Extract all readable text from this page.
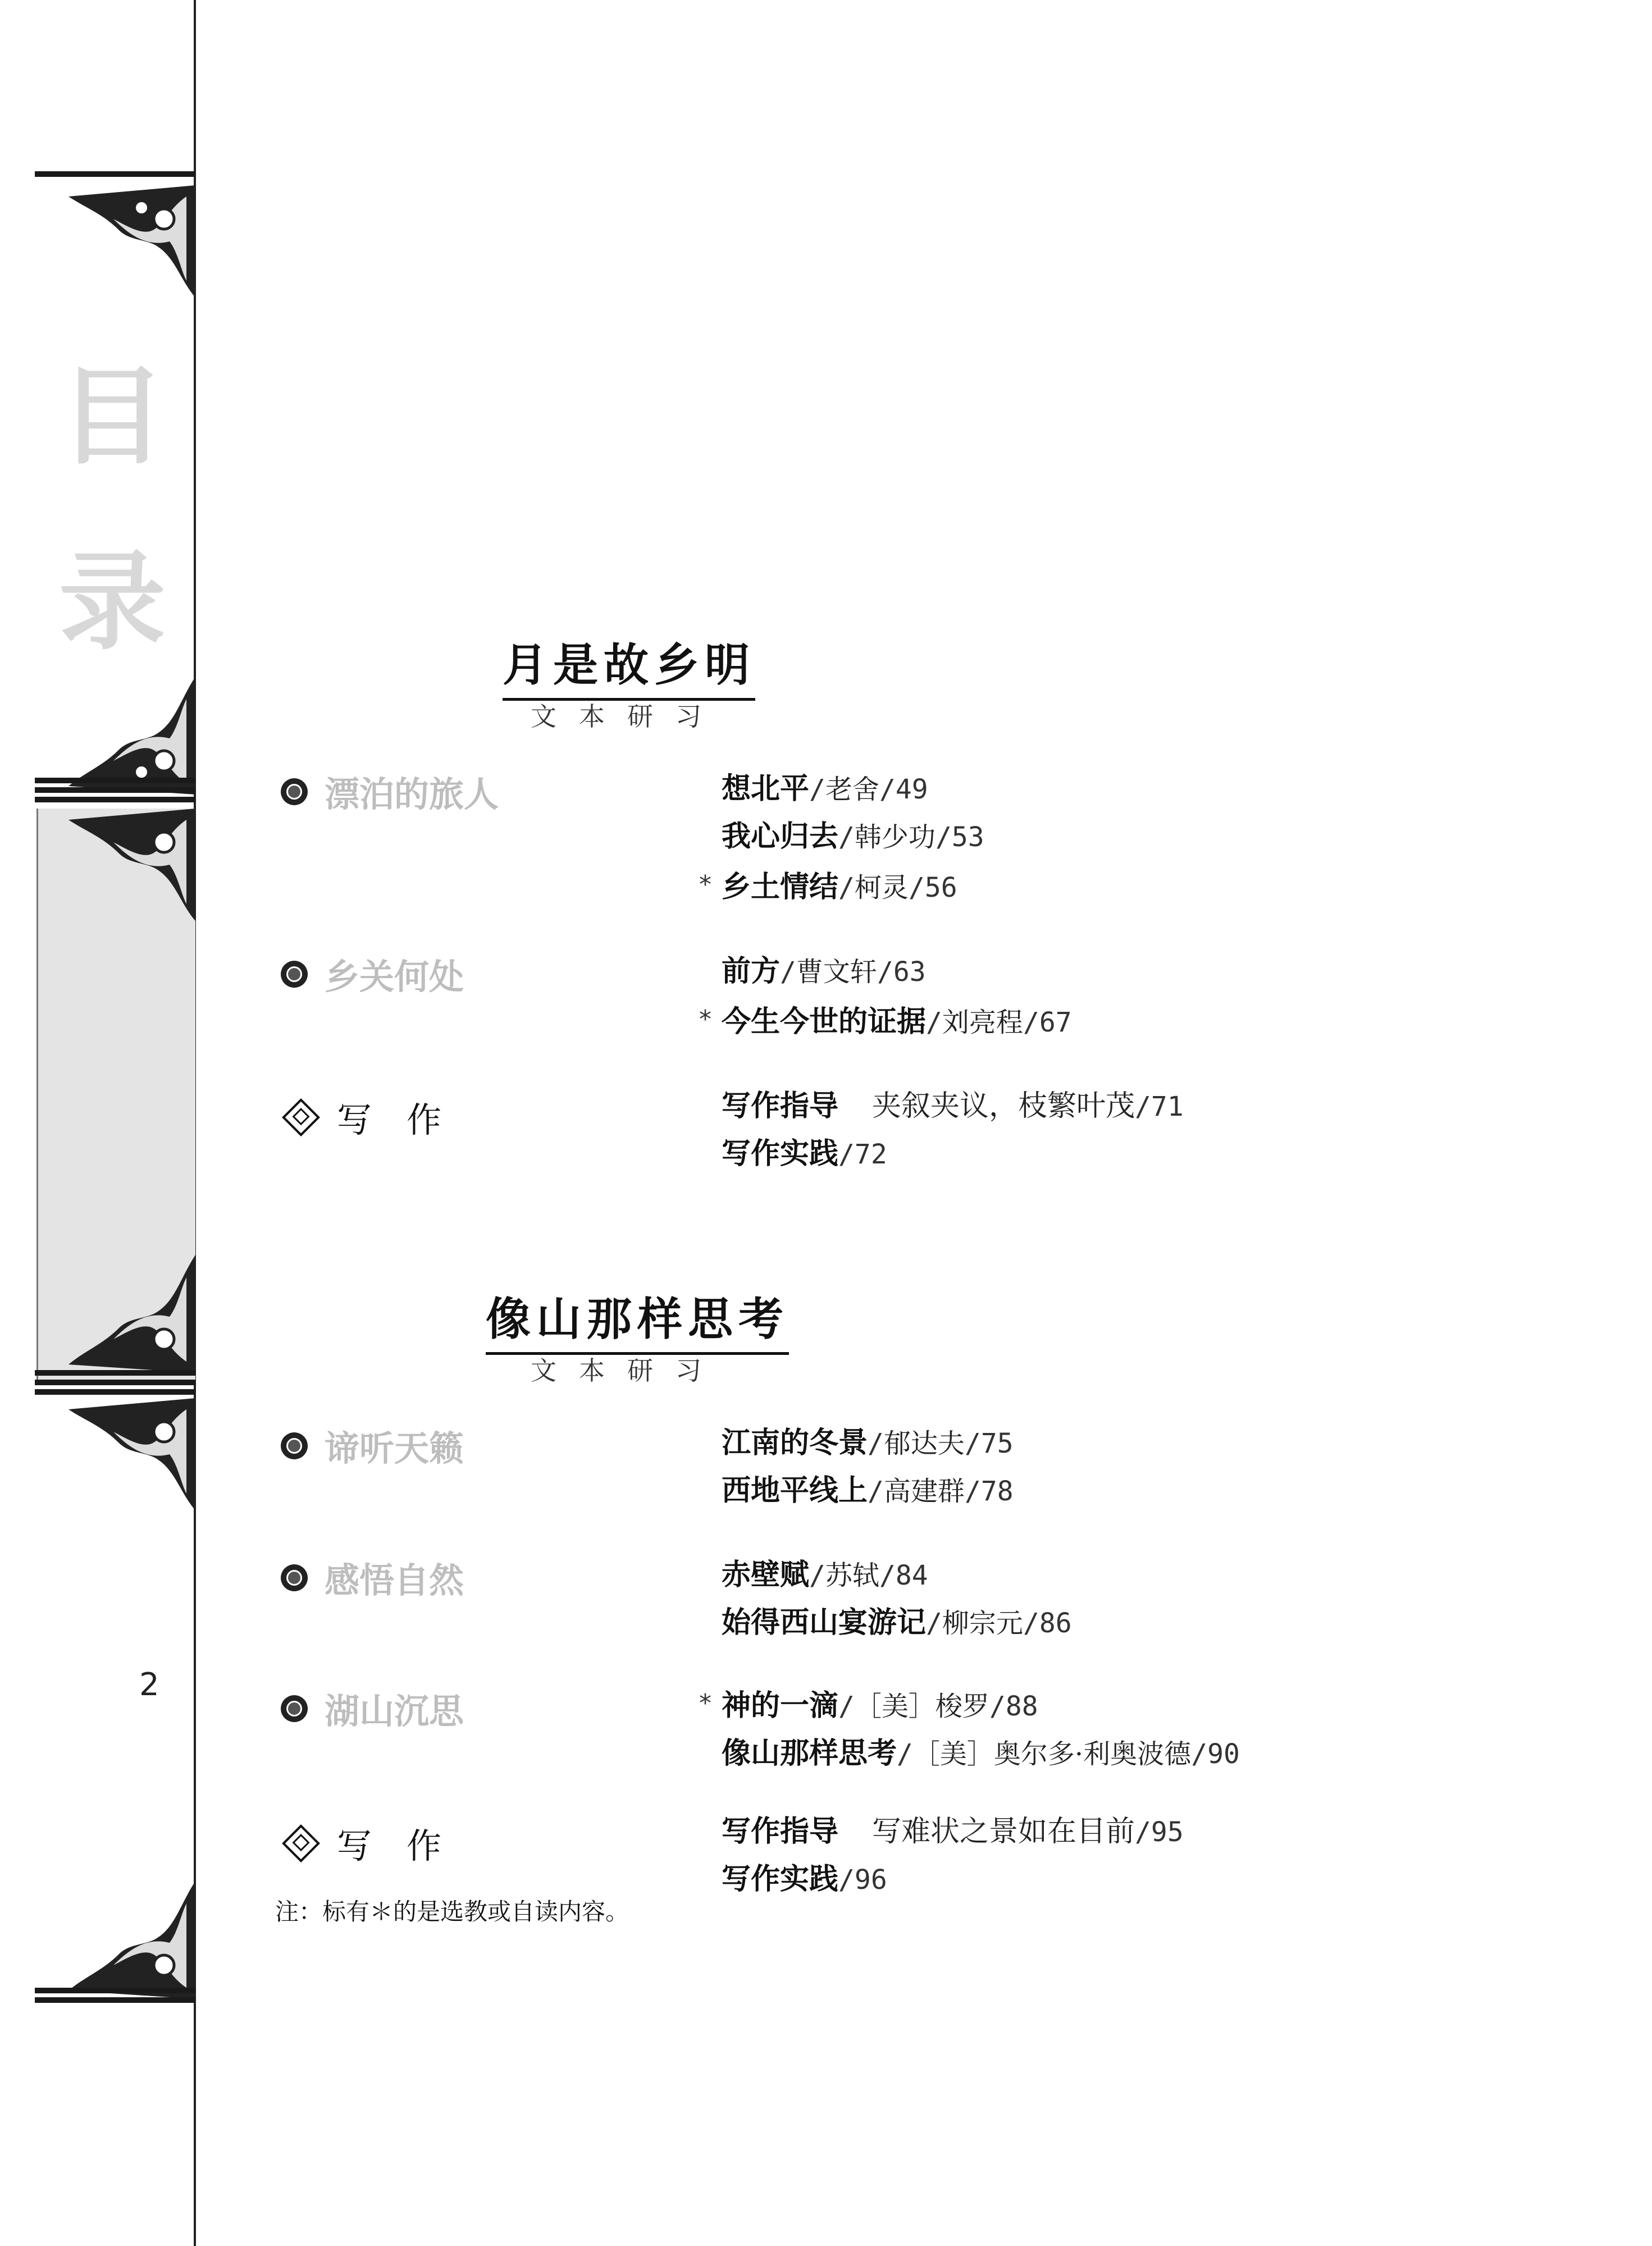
目
录
2
月是故乡明
文本研习
漂泊的旅人	想北平/老舍/49
我心归去/韩少功/53
* 乡土情结/柯灵/56
乡关何处	前方/曹文轩/63
* 今生今世的证据/刘亮程/67
写　作	写作指导 夹叙夹议，枝繁叶茂/71
写作实践/72
像山那样思考
文本研习
谛听天籁	江南的冬景/郁达夫/75
西地平线上/高建群/78
感悟自然	赤壁赋/苏轼/84
始得西山宴游记/柳宗元/86
湖山沉思	* 神的一滴/［美］梭罗/88
像山那样思考/［美］奥尔多·利奥波德/90
写　作	写作指导 写难状之景如在目前/95
写作实践/96
注：标有＊的是选教或自读内容。
